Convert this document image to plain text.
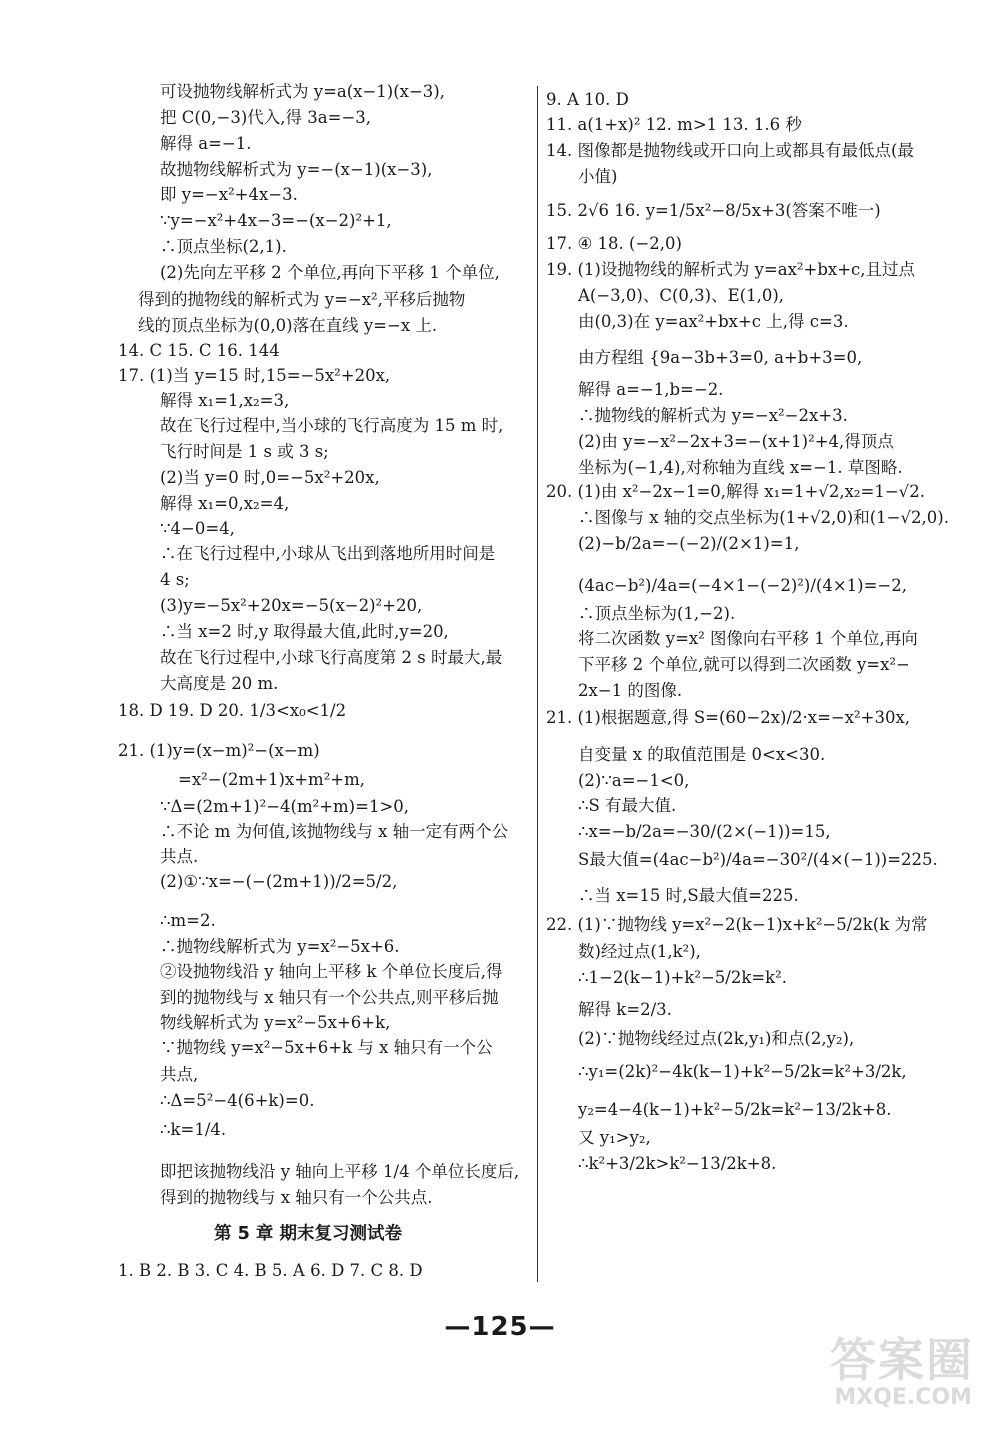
可设抛物线解析式为 y=a(x−1)(x−3),
把 C(0,−3)代入,得 3a=−3,
解得 a=−1.
故抛物线解析式为 y=−(x−1)(x−3),
即 y=−x²+4x−3.
∵y=−x²+4x−3=−(x−2)²+1,
∴顶点坐标(2,1).
(2)先向左平移 2 个单位,再向下平移 1 个单位,
得到的抛物线的解析式为 y=−x²,平移后抛物
线的顶点坐标为(0,0)落在直线 y=−x 上.
14. C 15. C 16. 144
17. (1)当 y=15 时,15=−5x²+20x,
解得 x₁=1,x₂=3,
故在飞行过程中,当小球的飞行高度为 15 m 时,
飞行时间是 1 s 或 3 s;
(2)当 y=0 时,0=−5x²+20x,
解得 x₁=0,x₂=4,
∵4−0=4,
∴在飞行过程中,小球从飞出到落地所用时间是
4 s;
(3)y=−5x²+20x=−5(x−2)²+20,
∴当 x=2 时,y 取得最大值,此时,y=20,
故在飞行过程中,小球飞行高度第 2 s 时最大,最
大高度是 20 m.
18. D 19. D 20. 1/3<x₀<1/2
21. (1)y=(x−m)²−(x−m)
=x²−(2m+1)x+m²+m,
∵Δ=(2m+1)²−4(m²+m)=1>0,
∴不论 m 为何值,该抛物线与 x 轴一定有两个公
共点.
(2)①∵x=−(−(2m+1))/2=5/2,
∴m=2.
∴抛物线解析式为 y=x²−5x+6.
②设抛物线沿 y 轴向上平移 k 个单位长度后,得
到的抛物线与 x 轴只有一个公共点,则平移后抛
物线解析式为 y=x²−5x+6+k,
∵抛物线 y=x²−5x+6+k 与 x 轴只有一个公
共点,
∴Δ=5²−4(6+k)=0.
∴k=1/4.
即把该抛物线沿 y 轴向上平移 1/4 个单位长度后,
得到的抛物线与 x 轴只有一个公共点.
第 5 章 期末复习测试卷
1. B 2. B 3. C 4. B 5. A 6. D 7. C 8. D
9. A 10. D
11. a(1+x)² 12. m>1 13. 1.6 秒
14. 图像都是抛物线或开口向上或都具有最低点(最
小值)
15. 2√6 16. y=1/5x²−8/5x+3(答案不唯一)
17. ④ 18. (−2,0)
19. (1)设抛物线的解析式为 y=ax²+bx+c,且过点
A(−3,0)、C(0,3)、E(1,0),
由(0,3)在 y=ax²+bx+c 上,得 c=3.
由方程组 {9a−3b+3=0, a+b+3=0,
解得 a=−1,b=−2.
∴抛物线的解析式为 y=−x²−2x+3.
(2)由 y=−x²−2x+3=−(x+1)²+4,得顶点
坐标为(−1,4),对称轴为直线 x=−1. 草图略.
20. (1)由 x²−2x−1=0,解得 x₁=1+√2,x₂=1−√2.
∴图像与 x 轴的交点坐标为(1+√2,0)和(1−√2,0).
(2)−b/2a=−(−2)/(2×1)=1,
(4ac−b²)/4a=(−4×1−(−2)²)/(4×1)=−2,
∴顶点坐标为(1,−2).
将二次函数 y=x² 图像向右平移 1 个单位,再向
下平移 2 个单位,就可以得到二次函数 y=x²−
2x−1 的图像.
21. (1)根据题意,得 S=(60−2x)/2·x=−x²+30x,
自变量 x 的取值范围是 0<x<30.
(2)∵a=−1<0,
∴S 有最大值.
∴x=−b/2a=−30/(2×(−1))=15,
S最大值=(4ac−b²)/4a=−30²/(4×(−1))=225.
∴当 x=15 时,S最大值=225.
22. (1)∵抛物线 y=x²−2(k−1)x+k²−5/2k(k 为常
数)经过点(1,k²),
∴1−2(k−1)+k²−5/2k=k².
解得 k=2/3.
(2)∵抛物线经过点(2k,y₁)和点(2,y₂),
∴y₁=(2k)²−4k(k−1)+k²−5/2k=k²+3/2k,
y₂=4−4(k−1)+k²−5/2k=k²−13/2k+8.
又 y₁>y₂,
∴k²+3/2k>k²−13/2k+8.
—125—
答案圈
MXQE.COM
